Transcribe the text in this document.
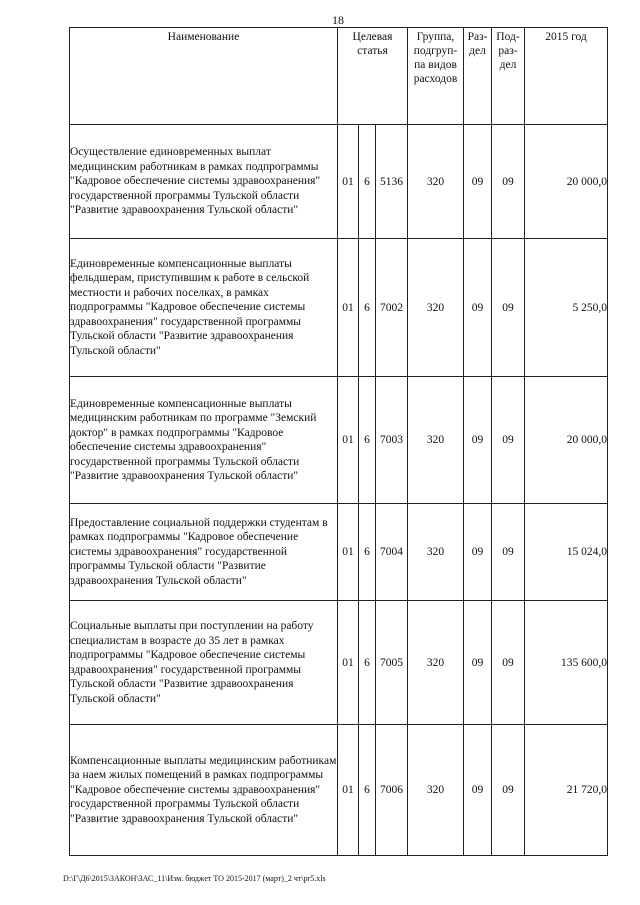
18
Наименование	Целевая статья			Группа, подгруп- па видов расходов	Раз- дел	Под- раз- дел	2015 год
Осуществление единовременных выплат медицинским работникам в рамках подпрограммы "Кадровое обеспечение системы здравоохранения" государственной программы Тульской области "Развитие здравоохранения Тульской области"	01	6	5136	320	09	09	20 000,0
Единовременные компенсационные выплаты фельдшерам, приступившим к работе в сельской местности и рабочих поселках, в рамках подпрограммы "Кадровое обеспечение системы здравоохранения" государственной программы Тульской области "Развитие здравоохранения Тульской области"	01	6	7002	320	09	09	5 250,0
Единовременные компенсационные выплаты медицинским работникам по программе "Земский доктор" в рамках подпрограммы "Кадровое обеспечение системы здравоохранения" государственной программы Тульской области "Развитие здравоохранения Тульской области"	01	6	7003	320	09	09	20 000,0
Предоставление социальной поддержки студентам в рамках подпрограммы "Кадровое обеспечение системы здравоохранения" государственной программы Тульской области "Развитие здравоохранения Тульской области"	01	6	7004	320	09	09	15 024,0
Социальные выплаты при поступлении на работу специалистам в возрасте до 35 лет в рамках подпрограммы "Кадровое обеспечение системы здравоохранения" государственной программы Тульской области "Развитие здравоохранения Тульской области"	01	6	7005	320	09	09	135 600,0
Компенсационные выплаты медицинским работникам за наем жилых помещений в рамках подпрограммы "Кадровое обеспечение системы здравоохранения" государственной программы Тульской области "Развитие здравоохранения Тульской области"	01	6	7006	320	09	09	21 720,0
D:\Г\Д6\2015\ЗАКОН\ЗАС_11\Изм. бюджет ТО 2015-2017 (март)_2 чт\pr5.xls
